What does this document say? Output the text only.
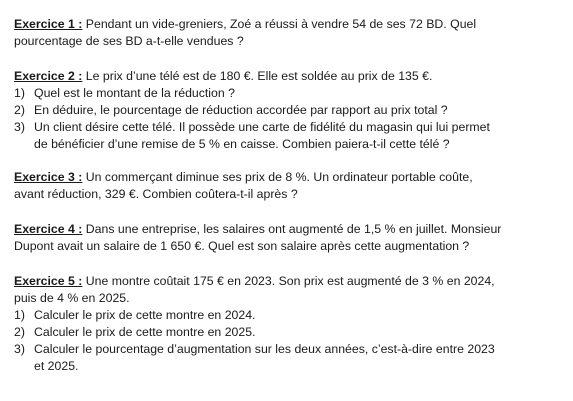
Exercice 1 : Pendant un vide-greniers, Zoé a réussi à vendre 54 de ses 72 BD. Quel
pourcentage de ses BD a-t-elle vendues ?
Exercice 2 : Le prix d’une télé est de 180 €. Elle est soldée au prix de 135 €.
1) Quel est le montant de la réduction ?
2) En déduire, le pourcentage de réduction accordée par rapport au prix total ?
3) Un client désire cette télé. Il possède une carte de fidélité du magasin qui lui permet
de bénéficier d’une remise de 5 % en caisse. Combien paiera-t-il cette télé ?
Exercice 3 : Un commerçant diminue ses prix de 8 %. Un ordinateur portable coûte,
avant réduction, 329 €. Combien coûtera-t-il après ?
Exercice 4 : Dans une entreprise, les salaires ont augmenté de 1,5 % en juillet. Monsieur
Dupont avait un salaire de 1 650 €. Quel est son salaire après cette augmentation ?
Exercice 5 : Une montre coûtait 175 € en 2023. Son prix est augmenté de 3 % en 2024,
puis de 4 % en 2025.
1) Calculer le prix de cette montre en 2024.
2) Calculer le prix de cette montre en 2025.
3) Calculer le pourcentage d’augmentation sur les deux années, c’est-à-dire entre 2023
et 2025.
